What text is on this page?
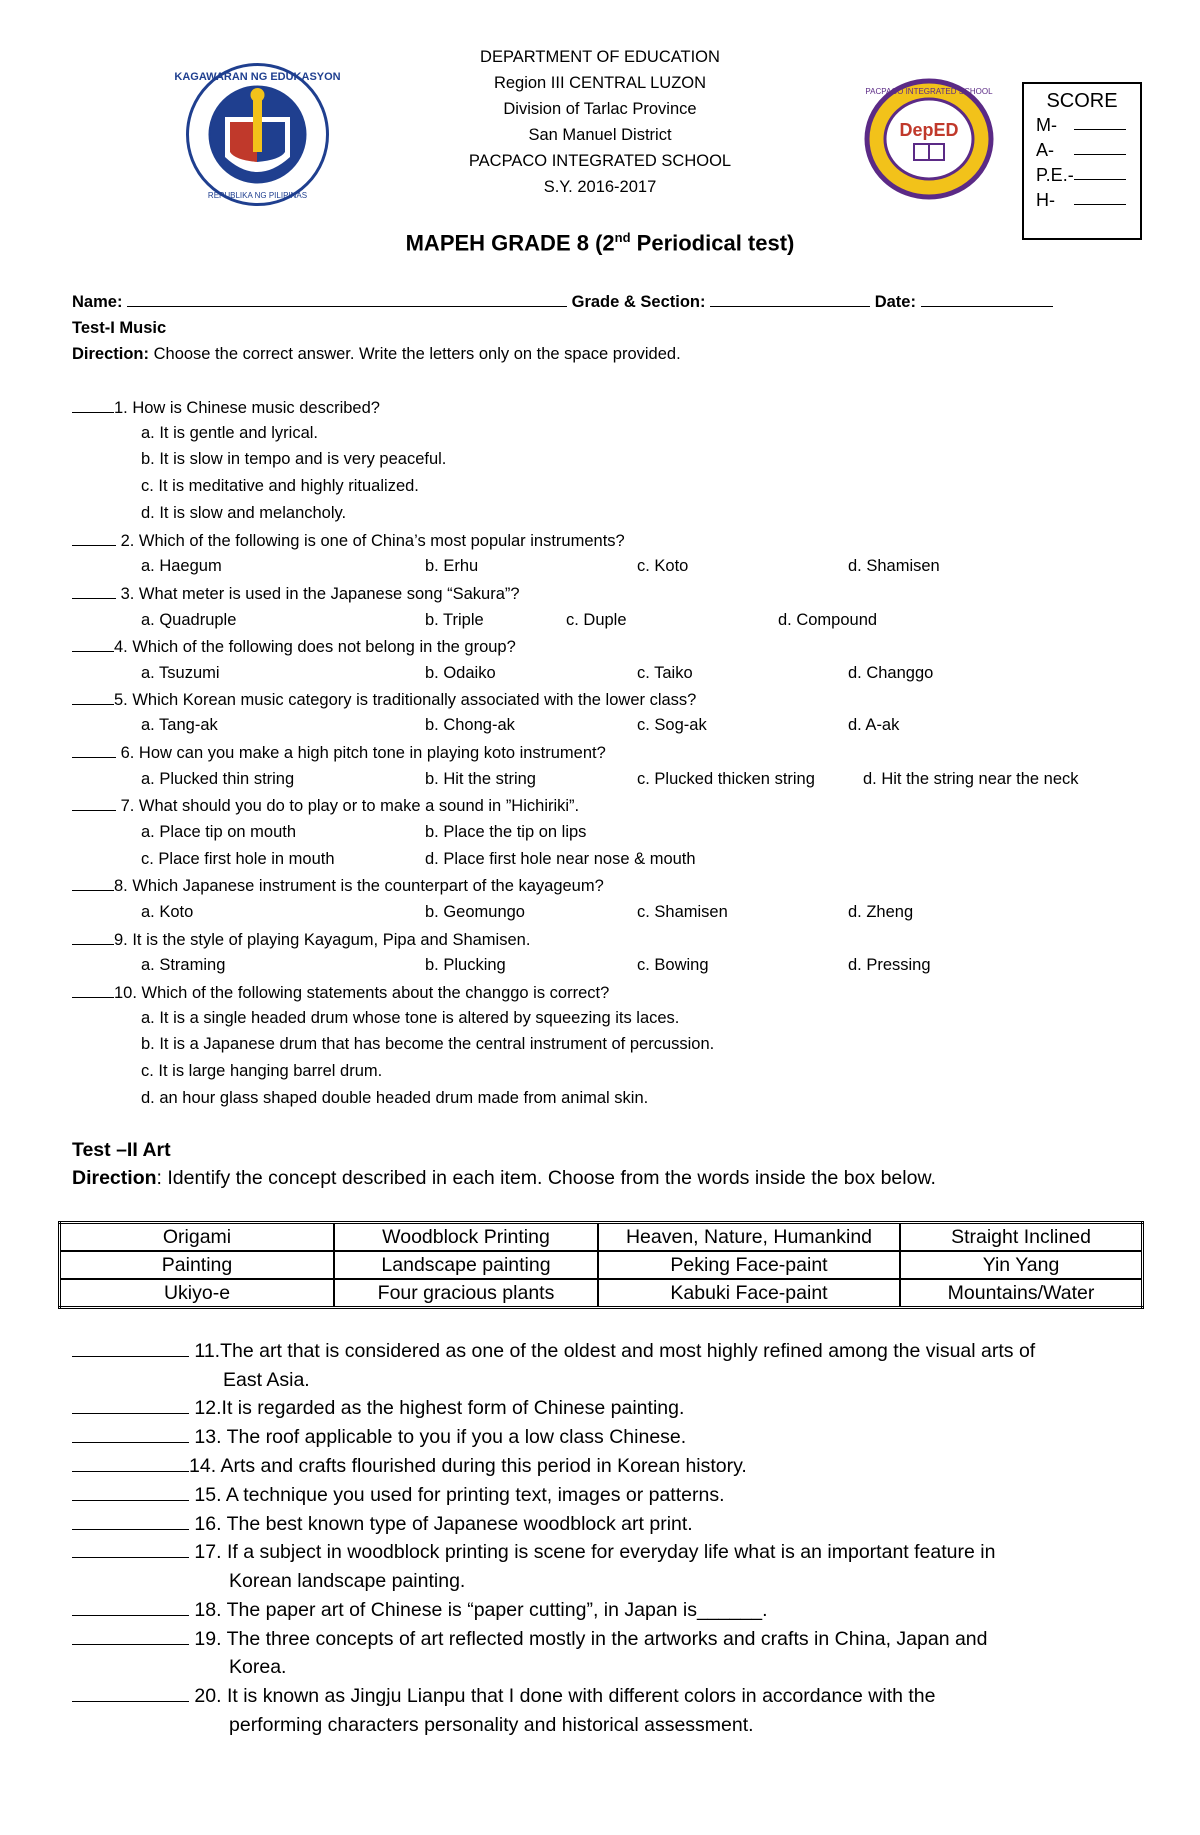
KAGAWARAN NG EDUKASYON
REPUBLIKA NG PILIPINAS
DEPARTMENT OF EDUCATION
Region III CENTRAL LUZON
Division of Tarlac Province
San Manuel District
PACPACO INTEGRATED SCHOOL
S.Y. 2016-2017
PACPACO INTEGRATED SCHOOL
DepED
SCORE
M-
A-
P.E.-
H-
MAPEH GRADE 8 (2nd Periodical test)
Name:	Grade & Section:	Date:
Test-I Music
Direction: Choose the correct answer. Write the letters only on the space provided.
1. How is Chinese music described?
a. It is gentle and lyrical.
b. It is slow in tempo and is very peaceful.
c. It is meditative and highly ritualized.
d. It is slow and melancholy.
2. Which of the following is one of China’s most popular instruments?
a. Haegum	b. Erhu	c. Koto	d. Shamisen
3. What meter is used in the Japanese song “Sakura”?
a. Quadruple	b. Triple	c. Duple	d. Compound
4. Which of the following does not belong in the group?
a. Tsuzumi	b. Odaiko	c. Taiko	d. Changgo
5. Which Korean music category is traditionally associated with the lower class?
a. Tang-ak	b. Chong-ak	c. Sog-ak	d. A-ak
6. How can you make a high pitch tone in playing koto instrument?
a. Plucked thin string	b. Hit the string	c. Plucked thicken string	d. Hit the string near the neck
7. What should you do to play or to make a sound in ”Hichiriki”.
a. Place tip on mouth	b. Place the tip on lips
c. Place first hole in mouth	d. Place first hole near nose & mouth
8. Which Japanese instrument is the counterpart of the kayageum?
a. Koto	b. Geomungo	c. Shamisen	d. Zheng
9. It is the style of playing Kayagum, Pipa and Shamisen.
a. Straming	b. Plucking	c. Bowing	d. Pressing
10. Which of the following statements about the changgo is correct?
a. It is a single headed drum whose tone is altered by squeezing its laces.
b. It is a Japanese drum that has become the central instrument of percussion.
c. It is large hanging barrel drum.
d. an hour glass shaped double headed drum made from animal skin.
Test –II Art
Direction: Identify the concept described in each item. Choose from the words inside the box below.
Origami	Woodblock Printing	Heaven, Nature, Humankind	Straight Inclined
Painting	Landscape painting	Peking Face-paint	Yin Yang
Ukiyo-e	Four gracious plants	Kabuki Face-paint	Mountains/Water
11.The art that is considered as one of the oldest and most highly refined among the visual arts of
East Asia.
12.It is regarded as the highest form of Chinese painting.
13. The roof applicable to you if you a low class Chinese.
14. Arts and crafts flourished during this period in Korean history.
15. A technique you used for printing text, images or patterns.
16. The best known type of Japanese woodblock art print.
17. If a subject in woodblock printing is scene for everyday life what is an important feature in
Korean landscape painting.
18. The paper art of Chinese is “paper cutting”, in Japan is______.
19. The three concepts of art reflected mostly in the artworks and crafts in China, Japan and
Korea.
20. It is known as Jingju Lianpu that I done with different colors in accordance with the
performing characters personality and historical assessment.
